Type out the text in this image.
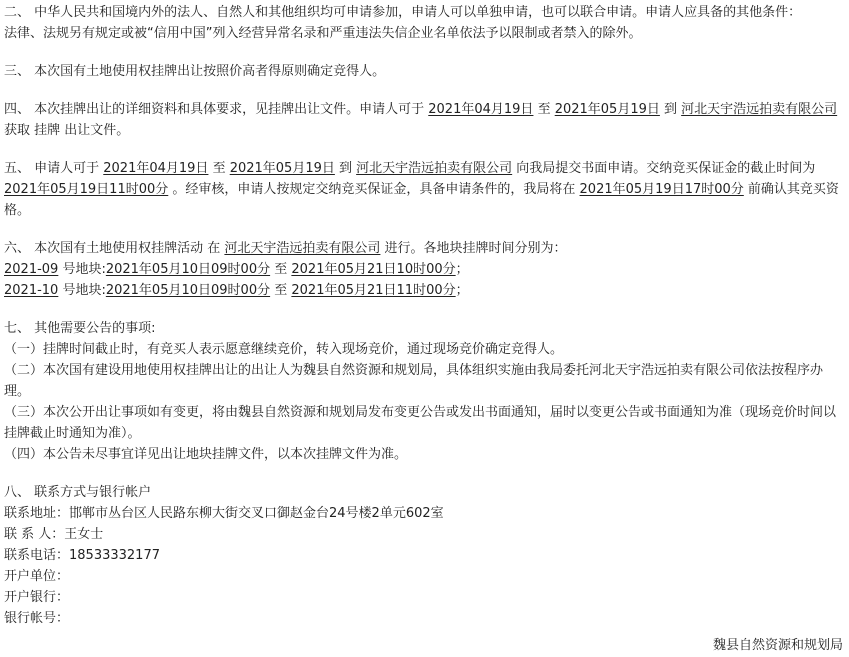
二、 中华人民共和国境内外的法人、自然人和其他组织均可申请参加，申请人可以单独申请，也可以联合申请。申请人应具备的其他条件：

法律、法规另有规定或被“信用中国”列入经营异常名录和严重违法失信企业名单依法予以限制或者禁入的除外。

三、 本次国有土地使用权挂牌出让按照价高者得原则确定竞得人。

四、 本次挂牌出让的详细资料和具体要求，见挂牌出让文件。申请人可于 2021年04月19日 至 2021年05月19日 到 河北天宇浩远拍卖有限公司 获取 挂牌 出让文件。

五、 申请人可于 2021年04月19日 至 2021年05月19日 到 河北天宇浩远拍卖有限公司 向我局提交书面申请。交纳竞买保证金的截止时间为2021年05月19日11时00分 。经审核，申请人按规定交纳竞买保证金，具备申请条件的，我局将在 2021年05月19日17时00分 前确认其竞买资格。

六、 本次国有土地使用权挂牌活动 在 河北天宇浩远拍卖有限公司 进行。各地块挂牌时间分别为：

2021-09 号地块:2021年05月10日09时00分 至 2021年05月21日10时00分；

2021-10 号地块:2021年05月10日09时00分 至 2021年05月21日11时00分；

七、 其他需要公告的事项:

（一）挂牌时间截止时，有竞买人表示愿意继续竞价，转入现场竞价，通过现场竞价确定竞得人。

（二）本次国有建设用地使用权挂牌出让的出让人为魏县自然资源和规划局，具体组织实施由我局委托河北天宇浩远拍卖有限公司依法按程序办理。

（三）本次公开出让事项如有变更，将由魏县自然资源和规划局发布变更公告或发出书面通知，届时以变更公告或书面通知为准（现场竞价时间以挂牌截止时通知为准）。

（四）本公告未尽事宜详见出让地块挂牌文件，以本次挂牌文件为准。

八、 联系方式与银行帐户

联系地址：邯郸市丛台区人民路东柳大街交叉口御赵金台24号楼2单元602室

联 系 人：王女士

联系电话：18533332177

开户单位：

开户银行：

银行帐号：

魏县自然资源和规划局
